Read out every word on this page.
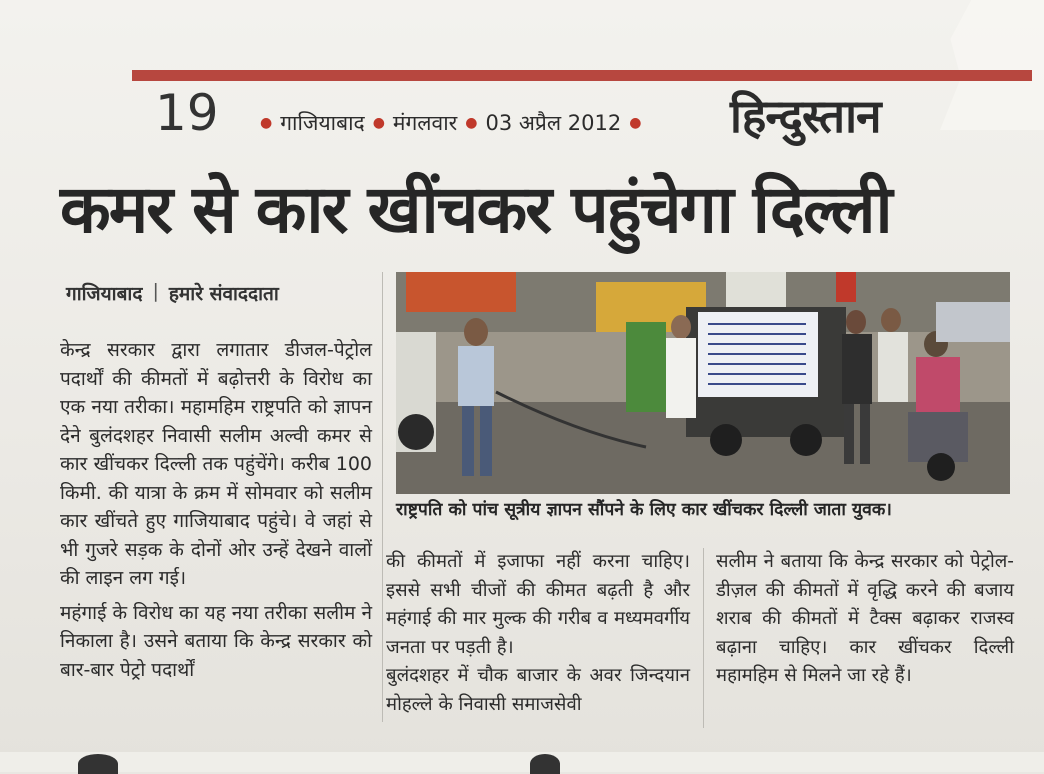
19	● गाजियाबाद ● मंगलवार ● 03 अप्रैल 2012 ● हिन्दुस्तान
कमर से कार खींचकर पहुंचेगा दिल्ली
गाजियाबाद | हमारे संवाददाता

केन्द्र सरकार द्वारा लगातार डीजल-पेट्रोल पदार्थों की कीमतों में बढ़ोत्तरी के विरोध का एक नया तरीका। महामहिम राष्ट्रपति को ज्ञापन देने बुलंदशहर निवासी सलीम अल्वी कमर से कार खींचकर दिल्ली तक पहुंचेंगे। करीब 100 किमी. की यात्रा के क्रम में सोमवार को सलीम कार खींचते हुए गाजियाबाद पहुंचे। वे जहां से भी गुजरे सड़क के दोनों ओर उन्हें देखने वालों की लाइन लग गई।

महंगाई के विरोध का यह नया तरीका सलीम ने निकाला है। उसने बताया कि केन्द्र सरकार को बार-बार पेट्रो पदार्थों

राष्ट्रपति को पांच सूत्रीय ज्ञापन सौंपने के लिए कार खींचकर दिल्ली जाता युवक।

की कीमतों में इजाफा नहीं करना चाहिए। इससे सभी चीजों की कीमत बढ़ती है और महंगाई की मार मुल्क की गरीब व मध्यमवर्गीय जनता पर पड़ती है।

बुलंदशहर में चौक बाजार के अवर जिन्दयान मोहल्ले के निवासी समाजसेवी

सलीम ने बताया कि केन्द्र सरकार को पेट्रोल-डीज़ल की कीमतों में वृद्धि करने की बजाय शराब की कीमतों में टैक्स बढ़ाकर राजस्व बढ़ाना चाहिए। कार खींचकर दिल्ली महामहिम से मिलने जा रहे हैं।
